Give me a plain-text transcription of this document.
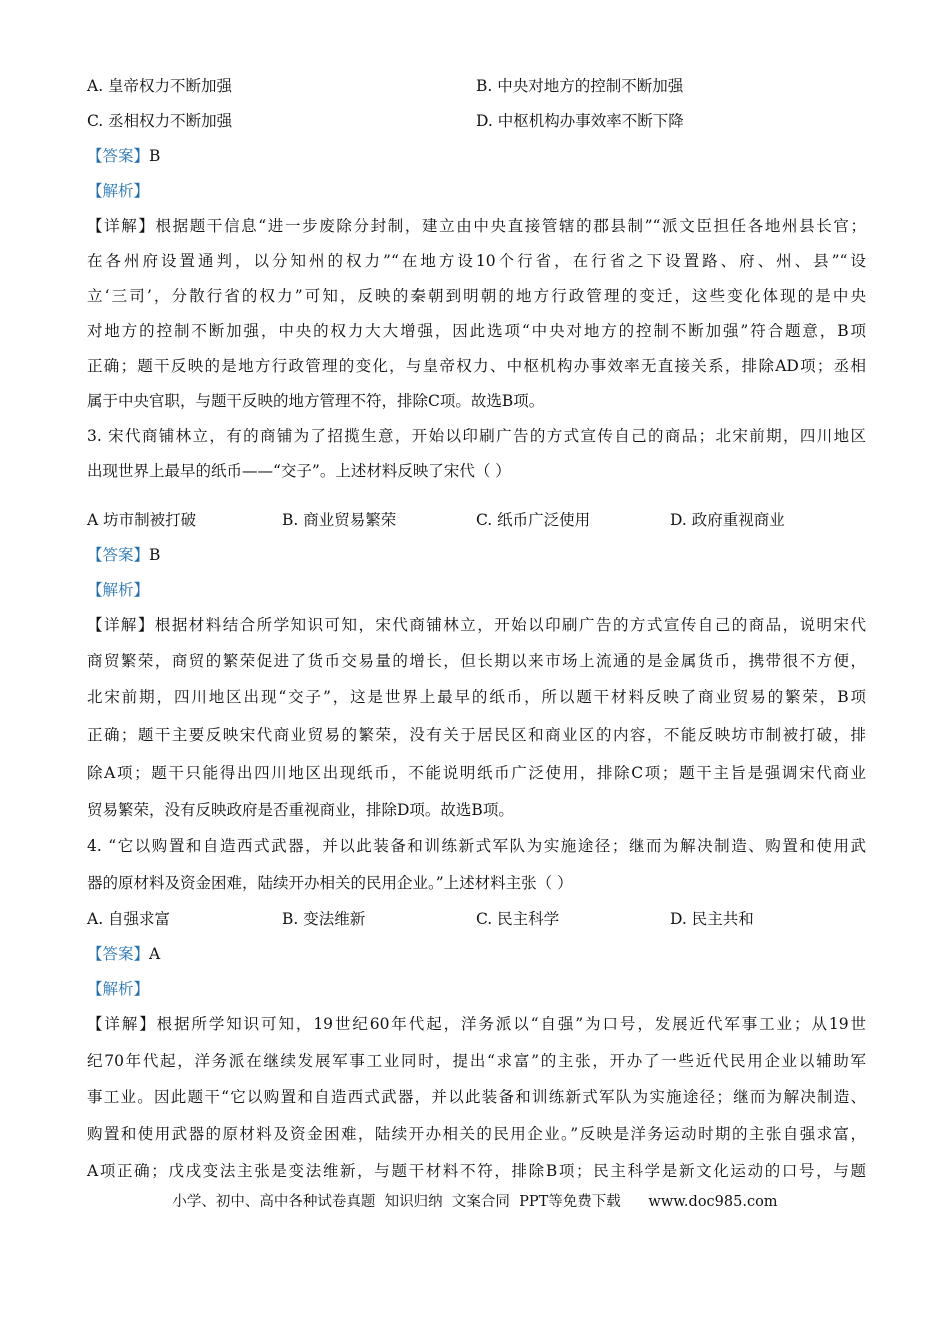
A. 皇帝权力不断加强	B. 中央对地方的控制不断加强
C. 丞相权力不断加强	D. 中枢机构办事效率不断下降
【答案】B
【解析】
【详解】根据题干信息“进一步废除分封制，建立由中央直接管辖的郡县制”“派文臣担任各地州县长官；
在各州府设置通判，以分知州的权力”“在地方设10个行省，在行省之下设置路、府、州、县”“设
立‘三司’，分散行省的权力”可知，反映的秦朝到明朝的地方行政管理的变迁，这些变化体现的是中央
对地方的控制不断加强，中央的权力大大增强，因此选项“中央对地方的控制不断加强”符合题意，B项
正确；题干反映的是地方行政管理的变化，与皇帝权力、中枢机构办事效率无直接关系，排除AD项；丞相
属于中央官职，与题干反映的地方管理不符，排除C项。故选B项。
3. 宋代商铺林立，有的商铺为了招揽生意，开始以印刷广告的方式宣传自己的商品；北宋前期，四川地区
出现世界上最早的纸币——“交子”。上述材料反映了宋代（ ）
A 坊市制被打破	B. 商业贸易繁荣	C. 纸币广泛使用	D. 政府重视商业
【答案】B
【解析】
【详解】根据材料结合所学知识可知，宋代商铺林立，开始以印刷广告的方式宣传自己的商品，说明宋代
商贸繁荣，商贸的繁荣促进了货币交易量的增长，但长期以来市场上流通的是金属货币，携带很不方便，
北宋前期，四川地区出现“交子”，这是世界上最早的纸币，所以题干材料反映了商业贸易的繁荣，B项
正确；题干主要反映宋代商业贸易的繁荣，没有关于居民区和商业区的内容，不能反映坊市制被打破，排
除A项；题干只能得出四川地区出现纸币，不能说明纸币广泛使用，排除C项；题干主旨是强调宋代商业
贸易繁荣，没有反映政府是否重视商业，排除D项。故选B项。
4. “它以购置和自造西式武器，并以此装备和训练新式军队为实施途径；继而为解决制造、购置和使用武
器的原材料及资金困难，陆续开办相关的民用企业。”上述材料主张（ ）
A. 自强求富	B. 变法维新	C. 民主科学	D. 民主共和
【答案】A
【解析】
【详解】根据所学知识可知，19世纪60年代起，洋务派以“自强”为口号，发展近代军事工业；从19世
纪70年代起，洋务派在继续发展军事工业同时，提出“求富”的主张，开办了一些近代民用企业以辅助军
事工业。因此题干“它以购置和自造西式武器，并以此装备和训练新式军队为实施途径；继而为解决制造、
购置和使用武器的原材料及资金困难，陆续开办相关的民用企业。”反映是洋务运动时期的主张自强求富，
A项正确；戊戌变法主张是变法维新，与题干材料不符，排除B项；民主科学是新文化运动的口号，与题
小学、初中、高中各种试卷真题  知识归纳  文案合同  PPT等免费下载      www.doc985.com
